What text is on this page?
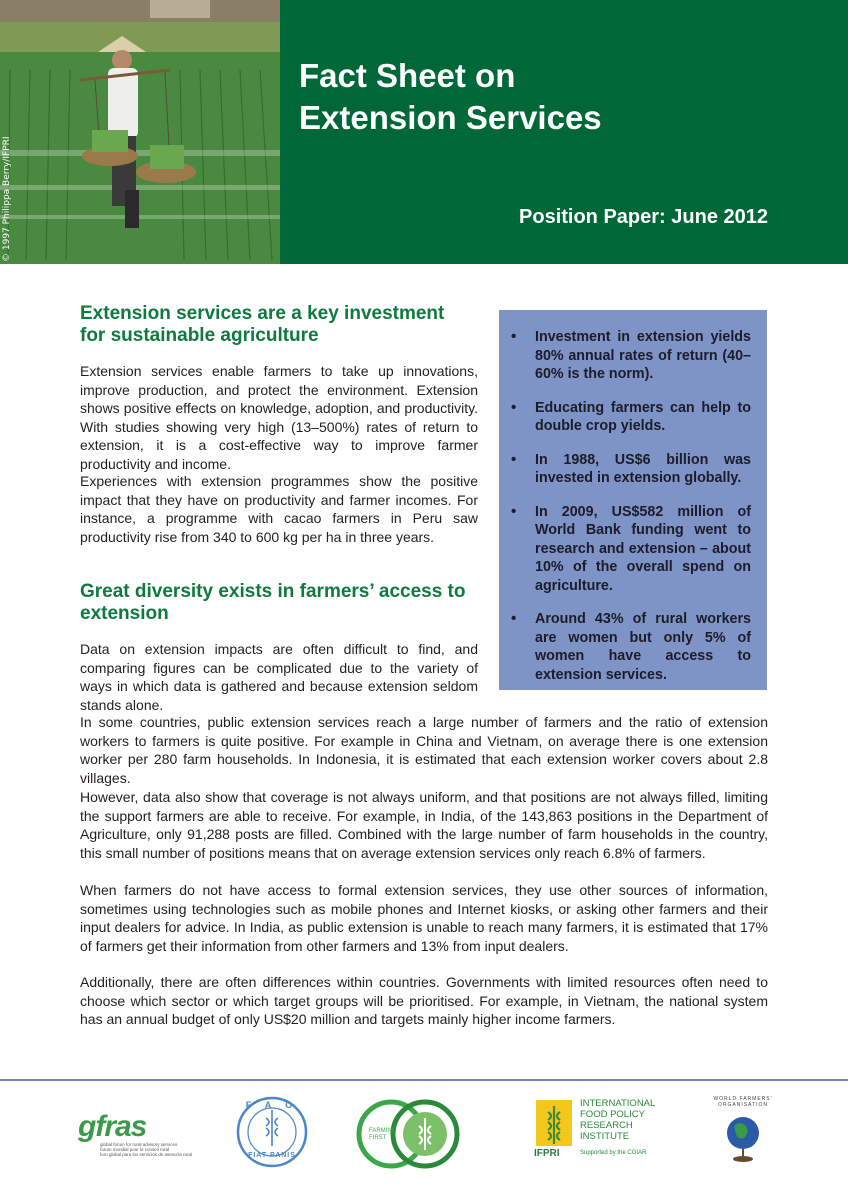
© 1997 Philippa Berry/IFPRI
Fact Sheet on
Extension Services

Position Paper: June 2012

Extension services are a key investment
for sustainable agriculture

Extension services enable farmers to take up innovations, improve production, and protect the environment. Extension shows positive effects on knowledge, adoption, and productivity. With studies showing very high (13–500%) rates of return to extension, it is a cost-effective way to improve farmer productivity and income.

Experiences with extension programmes show the positive impact that they have on productivity and farmer incomes. For instance, a programme with cacao farmers in Peru saw productivity rise from 340 to 600 kg per ha in three years.

Great diversity exists in farmers’ access to
extension

Data on extension impacts are often difficult to find, and comparing figures can be complicated due to the variety of ways in which data is gathered and because extension seldom stands alone.

In some countries, public extension services reach a large number of farmers and the ratio of extension workers to farmers is quite positive. For example in China and Vietnam, on average there is one extension worker per 280 farm households. In Indonesia, it is estimated that each extension worker covers about 2.8 villages.

However, data also show that coverage is not always uniform, and that positions are not always filled, limiting the support farmers are able to receive. For example, in India, of the 143,863 positions in the Department of Agriculture, only 91,288 posts are filled. Combined with the large number of farm households in the country, this small number of positions means that on average extension services only reach 6.8% of farmers.

When farmers do not have access to formal extension services, they use other sources of information, sometimes using technologies such as mobile phones and Internet kiosks, or asking other farmers and their input dealers for advice. In India, as public extension is unable to reach many farmers, it is estimated that 17% of farmers get their information from other farmers and 13% from input dealers.

Additionally, there are often differences within countries. Governments with limited resources often need to choose which sector or which target groups will be prioritised. For example, in Vietnam, the national system has an annual budget of only US$20 million and targets mainly higher income farmers.

• Investment in extension yields 80% annual rates of return (40–60% is the norm).
• Educating farmers can help to double crop yields.
• In 1988, US$6 billion was invested in extension globally.
• In 2009, US$582 million of World Bank funding went to research and extension – about 10% of the overall spend on agriculture.
• Around 43% of rural workers are women but only 5% of women have access to extension services.
gfras
global forum for rural advisory services
forum mondial pour le conseil rural
foro global para los servicios de asesoría rural
FAO
FIAT PANIS
FARMING FIRST
IFPRI
INTERNATIONAL
FOOD POLICY
RESEARCH
INSTITUTE
Supported by the CGIAR
WORLD FARMERS' ORGANISATION
